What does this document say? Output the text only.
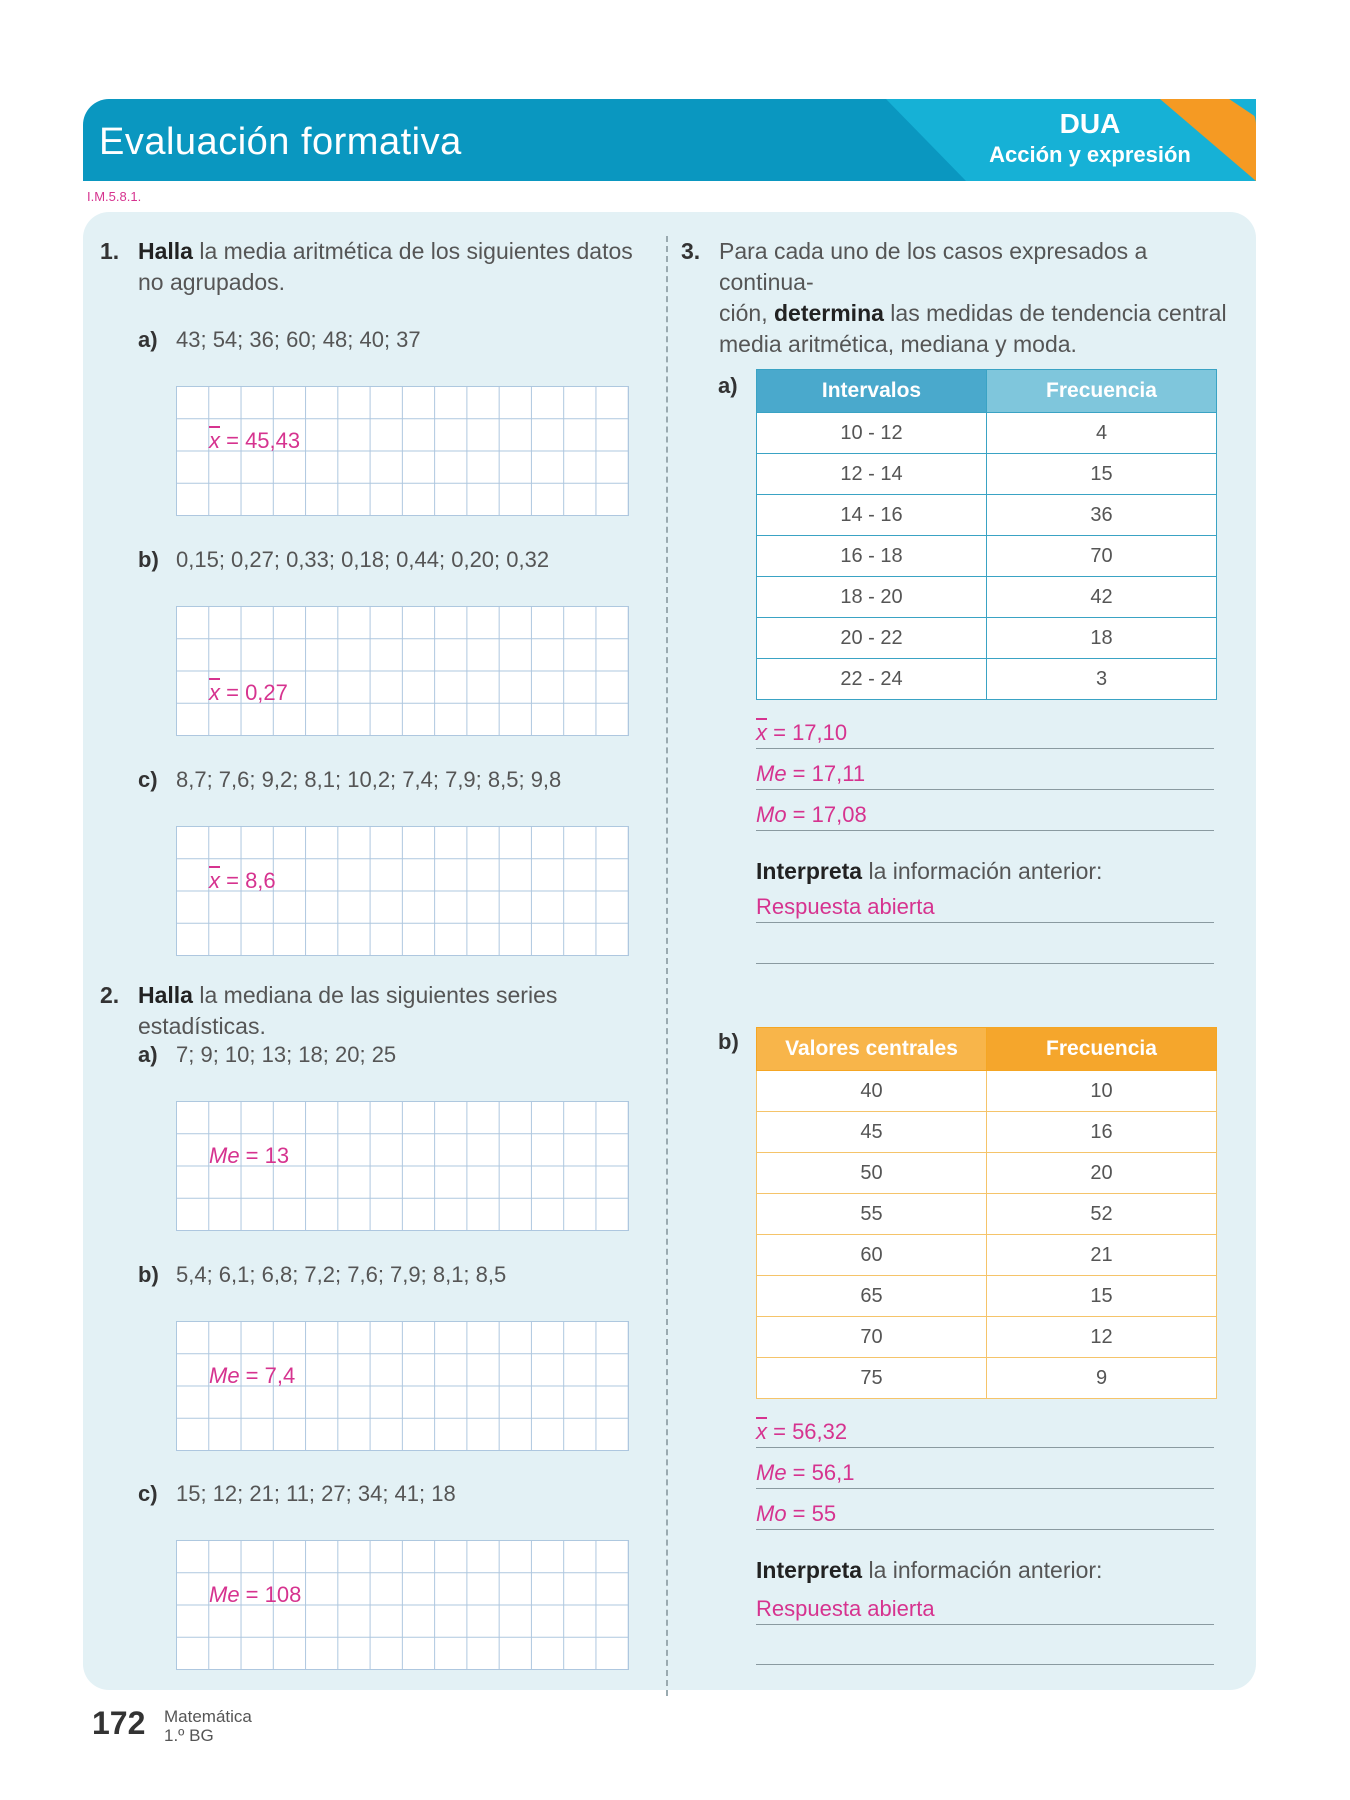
Evaluación formativa	DUA
Acción y expresión
I.M.5.8.1.
1. Halla la media aritmética de los siguientes datos no agrupados.
a) 43; 54; 36; 60; 48; 40; 37
$\overline{x} = 45,43$
b) 0,15; 0,27; 0,33; 0,18; 0,44; 0,20; 0,32
$\overline{x} = 0,27$
c) 8,7; 7,6; 9,2; 8,1; 10,2; 7,4; 7,9; 8,5; 9,8
$\overline{x} = 8,6$
2. Halla la mediana de las siguientes series estadísticas.
a) 7; 9; 10; 13; 18; 20; 25
Me = 13
b) 5,4; 6,1; 6,8; 7,2; 7,6; 7,9; 8,1; 8,5
Me = 7,4
c) 15; 12; 21; 11; 27; 34; 41; 18
Me = 108
3. Para cada uno de los casos expresados a continua-
ción, determina las medidas de tendencia central
media aritmética, mediana y moda.
a)	Intervalos	Frecuencia
10 - 12	4
12 - 14	15
14 - 16	36
16 - 18	70
18 - 20	42
20 - 22	18
22 - 24	3
$\overline{x} = 17,10$
Me = 17,11
Mo = 17,08
Interpreta la información anterior:
Respuesta abierta
b) Valores centrales	Frecuencia
40	10
45	16
50	20
55	52
60	21
65	15
70	12
75	9
$\overline{x} = 56,32$
Me = 56,1
Mo = 55
Interpreta la información anterior:
Respuesta abierta
172 Matemática
1.º BG
